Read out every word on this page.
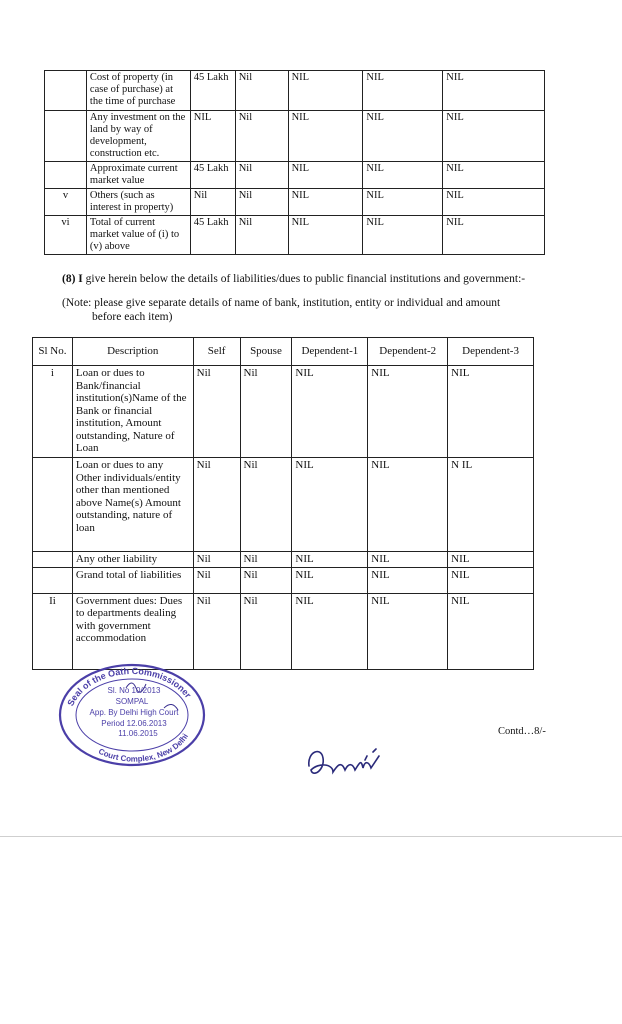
	Cost of property (in case of purchase) at the time of purchase	45 Lakh	Nil	NIL	NIL	NIL
	Any investment on the land by way of development, construction etc.	NIL	Nil	NIL	NIL	NIL
	Approximate current market value	45 Lakh	Nil	NIL	NIL	NIL
v	Others (such as interest in property)	Nil	Nil	NIL	NIL	NIL
vi	Total of current market value of (i) to (v) above	45 Lakh	Nil	NIL	NIL	NIL
(8) I give herein below the details of liabilities/dues to public financial institutions and government:-
(Note: please give separate details of name of bank, institution, entity or individual and amount
before each item)
Sl No.	Description	Self	Spouse	Dependent-1	Dependent-2	Dependent-3
i	Loan or dues to Bank/financial institution(s)Name of the Bank or financial institution, Amount outstanding, Nature of Loan	Nil	Nil	NIL	NIL	NIL
	Loan or dues to any Other individuals/entity other than mentioned above Name(s) Amount outstanding, nature of loan	Nil	Nil	NIL	NIL	N IL
	Any other liability	Nil	Nil	NIL	NIL	NIL
	Grand total of liabilities	Nil	Nil	NIL	NIL	NIL
Ii	Government dues: Dues to departments dealing with government accommodation	Nil	Nil	NIL	NIL	NIL
Seal of the Oath Commissioner
Court Complex, New Delhi
Sl. No 10/2013
SOMPAL
App. By Delhi High Court
Period 12.06.2013
11.06.2015	Contd…8/-
